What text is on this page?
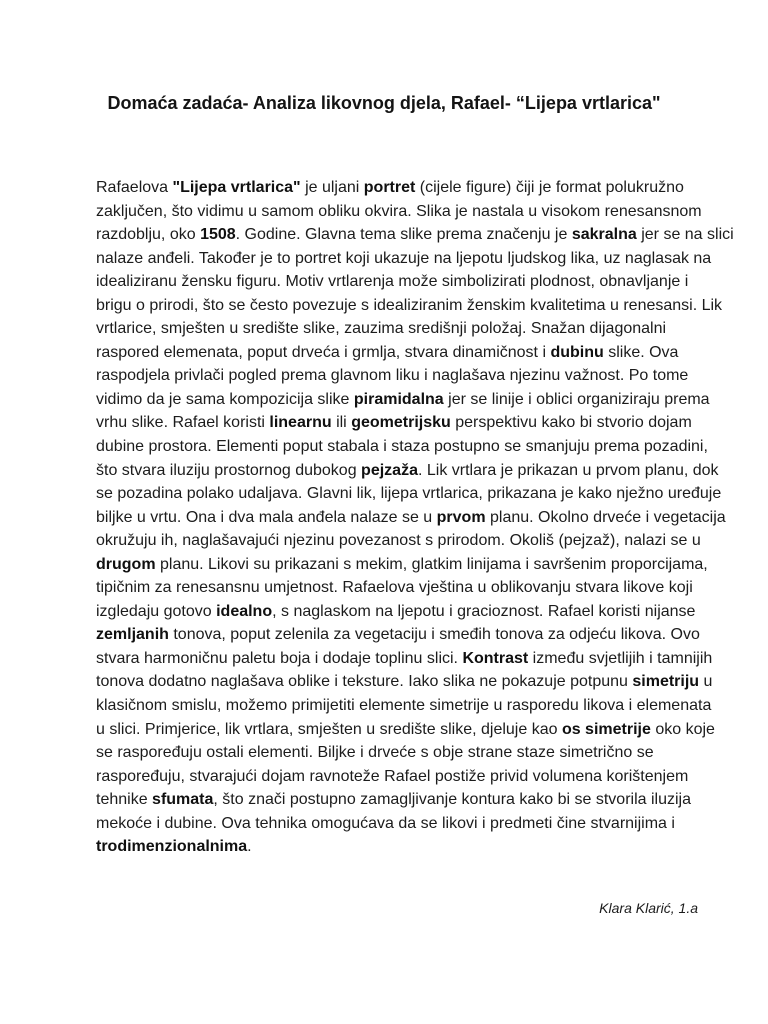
Domaća zadaća- Analiza likovnog djela, Rafael- “Lijepa vrtlarica"
Rafaelova "Lijepa vrtlarica" je uljani portret (cijele figure) čiji je format polukružno
zaključen, što vidimu u samom obliku okvira. Slika je nastala u visokom renesansnom
razdoblju, oko 1508. Godine. Glavna tema slike prema značenju je sakralna jer se na slici
nalaze anđeli. Također je to portret koji ukazuje na ljepotu ljudskog lika, uz naglasak na
idealiziranu žensku figuru. Motiv vrtlarenja može simbolizirati plodnost, obnavljanje i
brigu o prirodi, što se često povezuje s idealiziranim ženskim kvalitetima u renesansi. Lik
vrtlarice, smješten u središte slike, zauzima središnji položaj. Snažan dijagonalni
raspored elemenata, poput drveća i grmlja, stvara dinamičnost i dubinu slike. Ova
raspodjela privlači pogled prema glavnom liku i naglašava njezinu važnost. Po tome
vidimo da je sama kompozicija slike piramidalna jer se linije i oblici organiziraju prema
vrhu slike. Rafael koristi linearnu ili geometrijsku perspektivu kako bi stvorio dojam
dubine prostora. Elementi poput stabala i staza postupno se smanjuju prema pozadini,
što stvara iluziju prostornog dubokog pejzaža. Lik vrtlara je prikazan u prvom planu, dok
se pozadina polako udaljava. Glavni lik, lijepa vrtlarica, prikazana je kako nježno uređuje
biljke u vrtu. Ona i dva mala anđela nalaze se u prvom planu. Okolno drveće i vegetacija
okružuju ih, naglašavajući njezinu povezanost s prirodom. Okoliš (pejzaž), nalazi se u
drugom planu. Likovi su prikazani s mekim, glatkim linijama i savršenim proporcijama,
tipičnim za renesansnu umjetnost. Rafaelova vještina u oblikovanju stvara likove koji
izgledaju gotovo idealno, s naglaskom na ljepotu i gracioznost. Rafael koristi nijanse
zemljanih tonova, poput zelenila za vegetaciju i smeđih tonova za odjeću likova. Ovo
stvara harmoničnu paletu boja i dodaje toplinu slici. Kontrast između svjetlijih i tamnijih
tonova dodatno naglašava oblike i teksture. Iako slika ne pokazuje potpunu simetriju u
klasičnom smislu, možemo primijetiti elemente simetrije u rasporedu likova i elemenata
u slici. Primjerice, lik vrtlara, smješten u središte slike, djeluje kao os simetrije oko koje
se raspoređuju ostali elementi. Biljke i drveće s obje strane staze simetrično se
raspoređuju, stvarajući dojam ravnoteže Rafael postiže privid volumena korištenjem
tehnike sfumata, što znači postupno zamagljivanje kontura kako bi se stvorila iluzija
mekoće i dubine. Ova tehnika omogućava da se likovi i predmeti čine stvarnijima i
trodimenzionalnima.
Klara Klarić, 1.a
